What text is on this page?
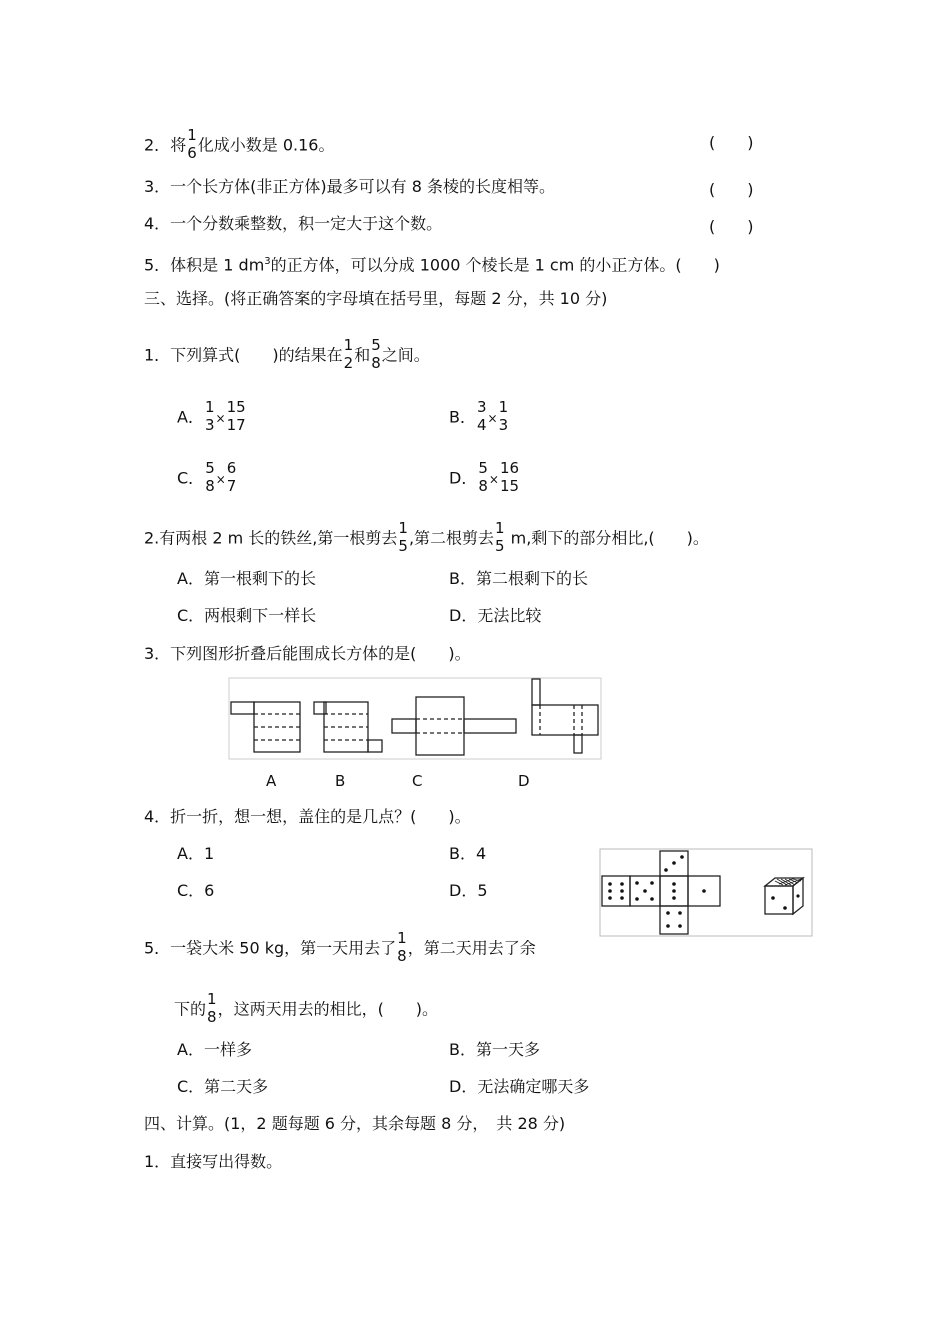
2．将
1
6 化成小数是 0.16。	(　　)
3．一个长方体(非正方体)最多可以有 8 条棱的长度相等。	(　　)
4．一个分数乘整数，积一定大于这个数。	(　　)
5．体积是 1 $dm^3$的正方体，可以分成 1000 个棱长是 1 cm 的小正方体。(　　)
三、选择。(将正确答案的字母填在括号里，每题 2 分，共 10 分)
1．下列算式(　　)的结果在
1
2 和
5
8 之间。
A．
1
3 ×
15
17	B．
3
4 ×
1
3
C．
5
8 ×
6
7	D．
5
8 ×
16
15
2.有两根 2 m 长的铁丝,第一根剪去
1
5 ,第二根剪去
1
5 m,剩下的部分相比,(　　)。
A．第一根剩下的长	B．第二根剩下的长
C．两根剩下一样长	D．无法比较
3．下列图形折叠后能围成长方体的是(　　)。
A	B	C	D
4．折一折，想一想，盖住的是几点？(　　)。
A．1	B．4
C．6	D．5
5．一袋大米 50 kg，第一天用去了
1
8 ，第二天用去了余
下的
1
8 ，这两天用去的相比，(　　)。
A．一样多	B．第一天多
C．第二天多	D．无法确定哪天多
四、计算。(1，2 题每题 6 分，其余每题 8 分，　共 28 分)
1．直接写出得数。
